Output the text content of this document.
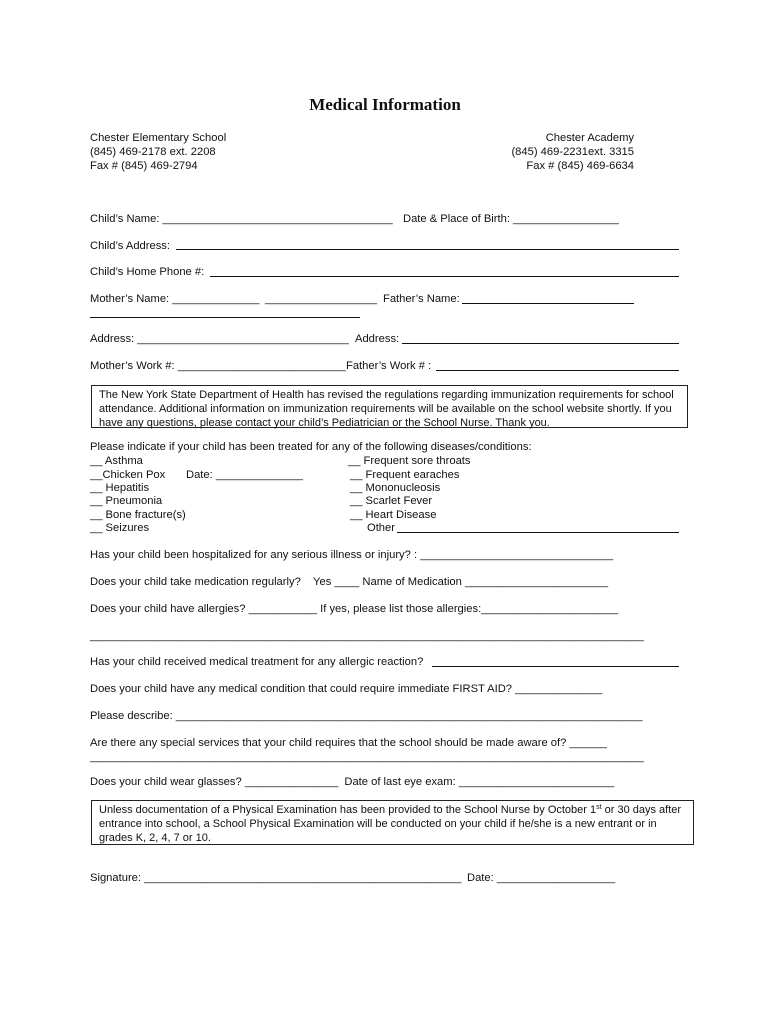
Medical Information
Chester Elementary School
(845) 469-2178 ext. 2208
Fax # (845) 469-2794
Chester Academy
(845) 469-2231ext. 3315
Fax # (845) 469-6634
Child’s Name: _____________________________________ Date & Place of Birth: _________________
Child’s Address:
Child’s Home Phone #:
Mother’s Name: ______________ __________________ Father’s Name:
Address: __________________________________ Address:
Mother’s Work #: ___________________________ Father’s Work # :

The New York State Department of Health has revised the regulations regarding immunization requirements for school attendance. Additional information on immunization requirements will be available on the school website shortly. If you have any questions, please contact your child’s Pediatrician or the School Nurse. Thank you.

Please indicate if your child has been treated for any of the following diseases/conditions:
__ Asthma
__Chicken Pox Date: ______________
__ Hepatitis
__ Pneumonia
__ Bone fracture(s)
__ Seizures
__ Frequent sore throats
__ Frequent earaches
__ Mononucleosis
__ Scarlet Fever
__ Heart Disease
Other
Has your child been hospitalized for any serious illness or injury? : _______________________________
Does your child take medication regularly?    Yes ____ Name of Medication _______________________
Does your child have allergies? ___________ If yes, please list those allergies:______________________
_________________________________________________________________________________________
Has your child received medical treatment for any allergic reaction?
Does your child have any medical condition that could require immediate FIRST AID? ______________
Please describe: ___________________________________________________________________________
Are there any special services that your child requires that the school should be made aware of? ______
_________________________________________________________________________________________
Does your child wear glasses? _______________  Date of last eye exam: _________________________

Unless documentation of a Physical Examination has been provided to the School Nurse by October 1st or 30 days after entrance into school, a School Physical Examination will be conducted on your child if he/she is a new entrant or in grades K, 2, 4, 7 or 10.

Signature: ___________________________________________________ Date: ___________________
